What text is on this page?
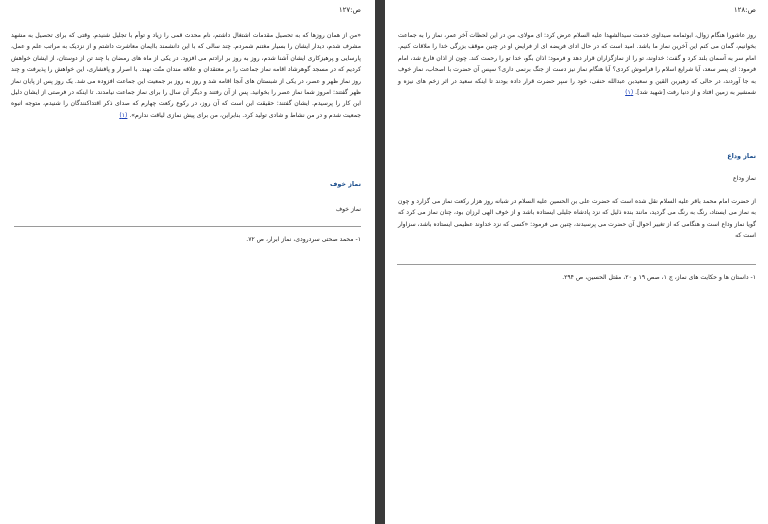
ص:۱۲۷
«من از همان روزها که به تحصیل مقدمات اشتغال داشتم، نام محدث قمی را زیاد و توأم با تجلیل شنیدم. وقتی که برای تحصیل به مشهد مشرف شدم، دیدار ایشان را بسیار مغتنم شمردم. چند سالی که با این دانشمند باایمان معاشرت داشتم و از نزدیک به مراتب علم و عمل، پارسایی و پرهیزکاری ایشان آشنا شدم، روز به روز بر ارادتم می افزود. در یکی از ماه های رمضان با چند تن از دوستان، از ایشان خواهش کردیم که در مسجد گوهرشاد اقامه نماز جماعت را بر معتقدان و علاقه مندان منّت نهند. با اصرار و پافشاری، این خواهش را پذیرفت و چند روز نماز ظهر و عصر، در یکی از شبستان های آنجا اقامه شد و روز به روز بر جمعیت این جماعت افزوده می شد. یک روز پس از پایان نماز ظهر گفتند: امروز شما نماز عصر را بخوانید. پس از آن رفتند و دیگر آن سال را برای نماز جماعت نیامدند. تا اینکه در فرصتی از ایشان دلیل این کار را پرسیدم. ایشان گفتند: حقیقت این است که آن روز، در رکوع رکعت چهارم که صدای ذکر اقتداکنندگان را شنیدم، متوجه انبوه جمعیت شدم و در من نشاط و شادی تولید کرد. بنابراین، من برای پیش نمازی لیاقت ندارم». (۱)
نماز خوف
نماز خوف
۱- محمد صحتی سردرودی، نماز ابرار، ص ۷۲.
ص:۱۲۸
روز عاشورا هنگام زوال، ابوثمامه صیداوی خدمت سیدالشهدا علیه السلام عرض کرد: ای مولای، من در این لحظات آخر عمر، نماز را به جماعت بخوانیم، گمان می کنم این آخرین نماز ما باشد. امید است که در حال ادای فریضه ای از فرایض او در چنین موقف بزرگی خدا را ملاقات کنیم. امام سر به آسمان بلند کرد و گفت: خداوند، تو را از نمازگزاران قرار دهد و فرمود: اذان بگو، خدا تو را رحمت کند. چون از اذان فارغ شد، امام فرمود: ای پسر سعد، آیا شرایع اسلام را فراموش کردی؟ آیا هنگام نماز نیز دست از جنگ برنمی داری؟ سپس آن حضرت با اصحاب، نماز خوف به جا آوردند، در حالی که زهیربن القین و سعیدبن عبدالله حنفی، خود را سپر حضرت قرار داده بودند تا اینکه سعید در اثر زخم های نیزه و شمشیر به زمین افتاد و از دنیا رفت [شهید شد]. (۱)
نماز وداع
نماز وداع
از حضرت امام محمد باقر علیه السلام نقل شده است که حضرت علی بن الحسین علیه السلام در شبانه روز هزار رکعت نماز می گزارد و چون به نماز می ایستاد، رنگ به رنگ می گردید، مانند بنده ذلیل که نزد پادشاه جلیلی ایستاده باشد و از خوف الهی لرزان بود، چنان نماز می کرد که گویا نماز وداع است و هنگامی که از تغییر احوال آن حضرت می پرسیدند، چنین می فرمود: «کسی که نزد خداوند عظیمی ایستاده باشد، سزاوار است که
۱- داستان ها و حکایت های نماز، ج ۱، صص ۱۹ و ۲۰، مقتل الحسین، ص ۲۹۴.
